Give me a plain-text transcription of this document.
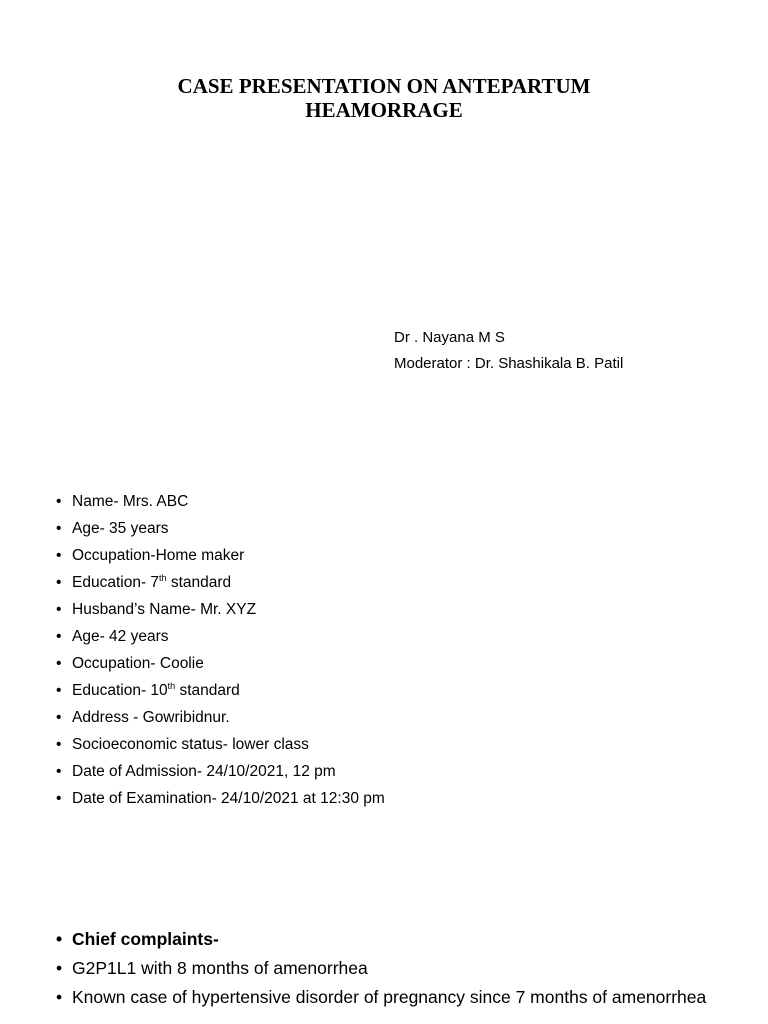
CASE PRESENTATION ON ANTEPARTUM
HEAMORRAGE
Dr . Nayana M S
Moderator : Dr. Shashikala B. Patil
• Name- Mrs. ABC
• Age- 35 years
• Occupation-Home maker
• Education- 7th standard
• Husband’s Name- Mr. XYZ
• Age- 42 years
• Occupation- Coolie
• Education- 10th standard
• Address - Gowribidnur.
• Socioeconomic status- lower class
• Date of Admission- 24/10/2021, 12 pm
• Date of Examination- 24/10/2021 at 12:30 pm
• Chief complaints-
• G2P1L1 with 8 months of amenorrhea
• Known case of hypertensive disorder of pregnancy since 7 months of amenorrhea
